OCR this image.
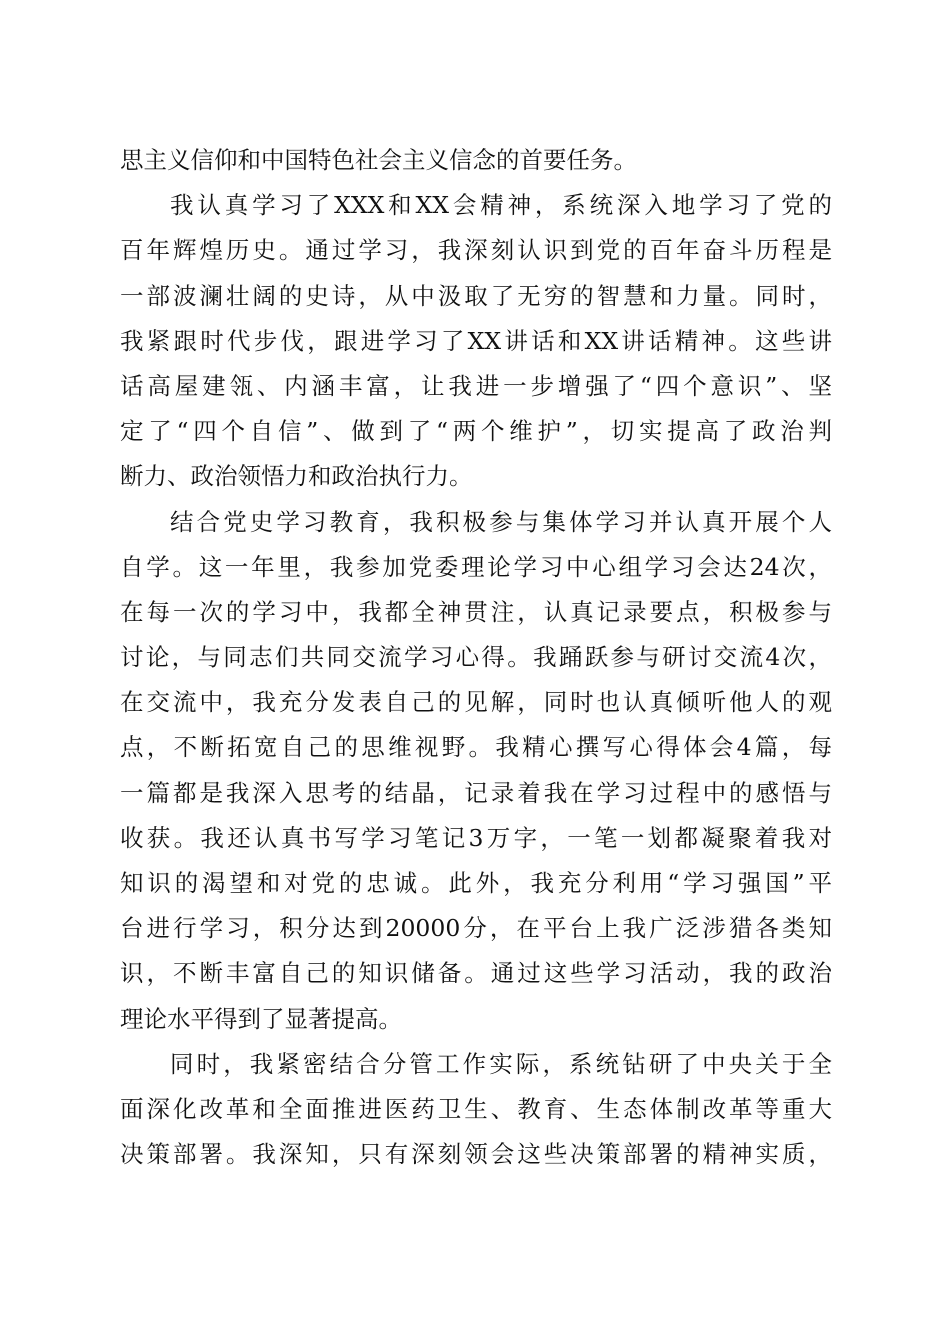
思主义信仰和中国特色社会主义信念的首要任务。
我认真学习了XXX和XX会精神，系统深入地学习了党的
百年辉煌历史。通过学习，我深刻认识到党的百年奋斗历程是
一部波澜壮阔的史诗，从中汲取了无穷的智慧和力量。同时，
我紧跟时代步伐，跟进学习了XX讲话和XX讲话精神。这些讲
话高屋建瓴、内涵丰富，让我进一步增强了“四个意识”、坚
定了“四个自信”、做到了“两个维护”，切实提高了政治判
断力、政治领悟力和政治执行力。
结合党史学习教育，我积极参与集体学习并认真开展个人
自学。这一年里，我参加党委理论学习中心组学习会达24次，
在每一次的学习中，我都全神贯注，认真记录要点，积极参与
讨论，与同志们共同交流学习心得。我踊跃参与研讨交流4次，
在交流中，我充分发表自己的见解，同时也认真倾听他人的观
点，不断拓宽自己的思维视野。我精心撰写心得体会4篇，每
一篇都是我深入思考的结晶，记录着我在学习过程中的感悟与
收获。我还认真书写学习笔记3万字，一笔一划都凝聚着我对
知识的渴望和对党的忠诚。此外，我充分利用“学习强国”平
台进行学习，积分达到20000分，在平台上我广泛涉猎各类知
识，不断丰富自己的知识储备。通过这些学习活动，我的政治
理论水平得到了显著提高。
同时，我紧密结合分管工作实际，系统钻研了中央关于全
面深化改革和全面推进医药卫生、教育、生态体制改革等重大
决策部署。我深知，只有深刻领会这些决策部署的精神实质，
